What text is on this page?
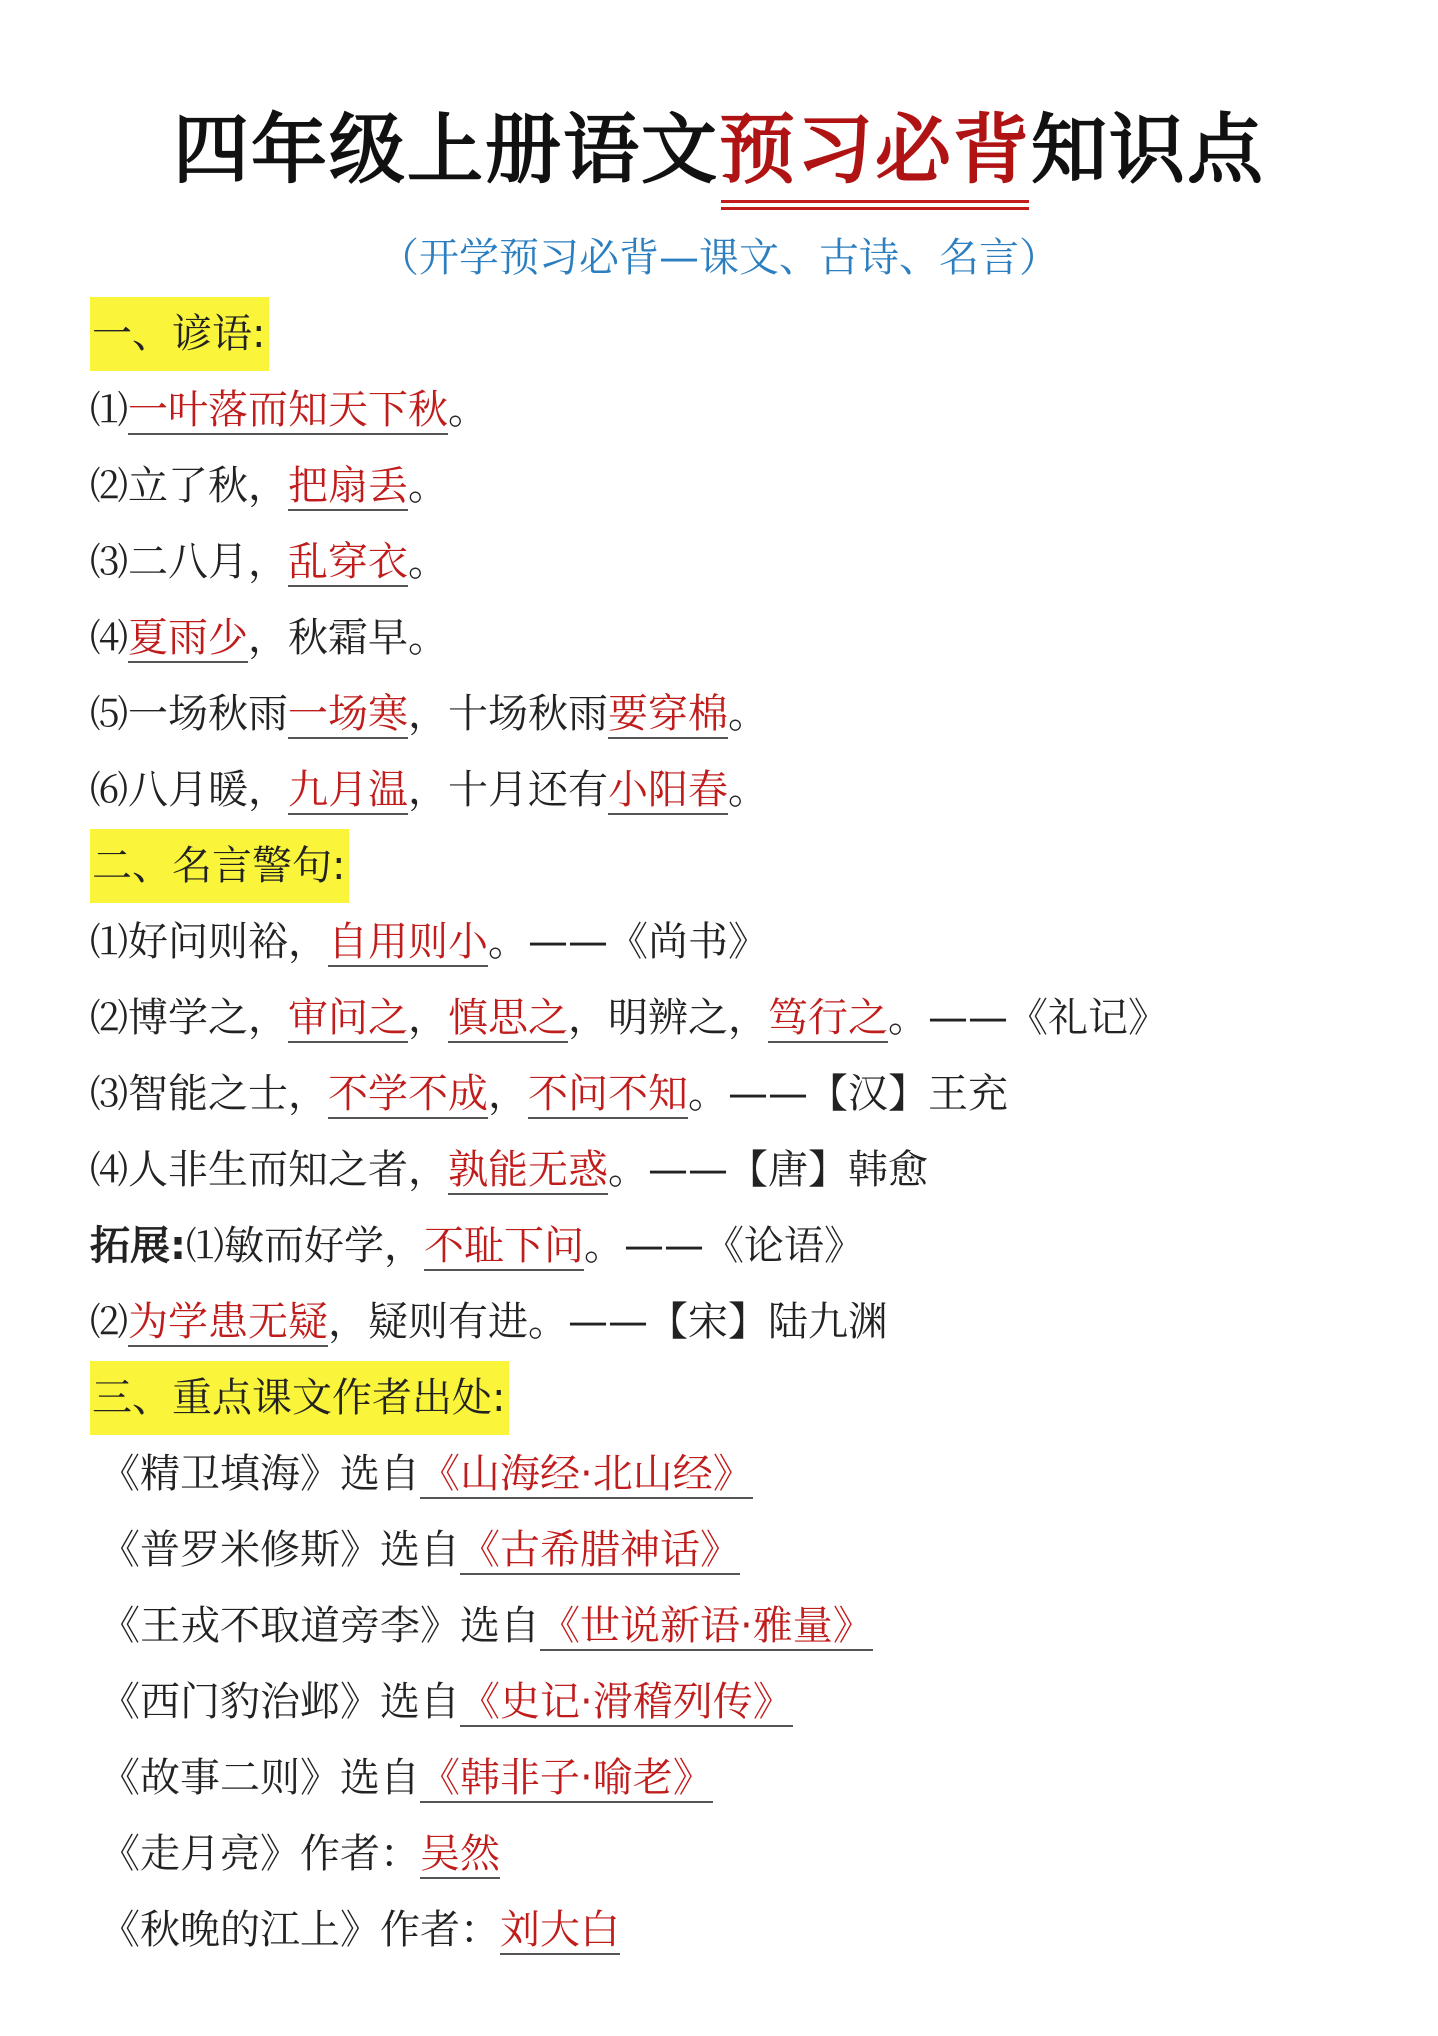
四年级上册语文预习必背知识点
（开学预习必背—课文、古诗、名言）
一、谚语:
⑴一叶落而知天下秋。
⑵立了秋，把扇丢。
⑶二八月，乱穿衣。
⑷夏雨少，秋霜早。
⑸一场秋雨一场寒，十场秋雨要穿棉。
⑹八月暖，九月温，十月还有小阳春。
二、名言警句:
⑴好问则裕，自用则小。——《尚书》
⑵博学之，审问之，慎思之，明辨之，笃行之。——《礼记》
⑶智能之士，不学不成，不问不知。——【汉】王充
⑷人非生而知之者，孰能无惑。——【唐】韩愈
拓展:⑴敏而好学，不耻下问。——《论语》
⑵为学患无疑，疑则有进。——【宋】陆九渊
三、重点课文作者出处:
《精卫填海》选自《山海经·北山经》
《普罗米修斯》选自《古希腊神话》
《王戎不取道旁李》选自《世说新语·雅量》
《西门豹治邺》选自《史记·滑稽列传》
《故事二则》选自《韩非子·喻老》
《走月亮》作者：吴然
《秋晚的江上》作者：刘大白
